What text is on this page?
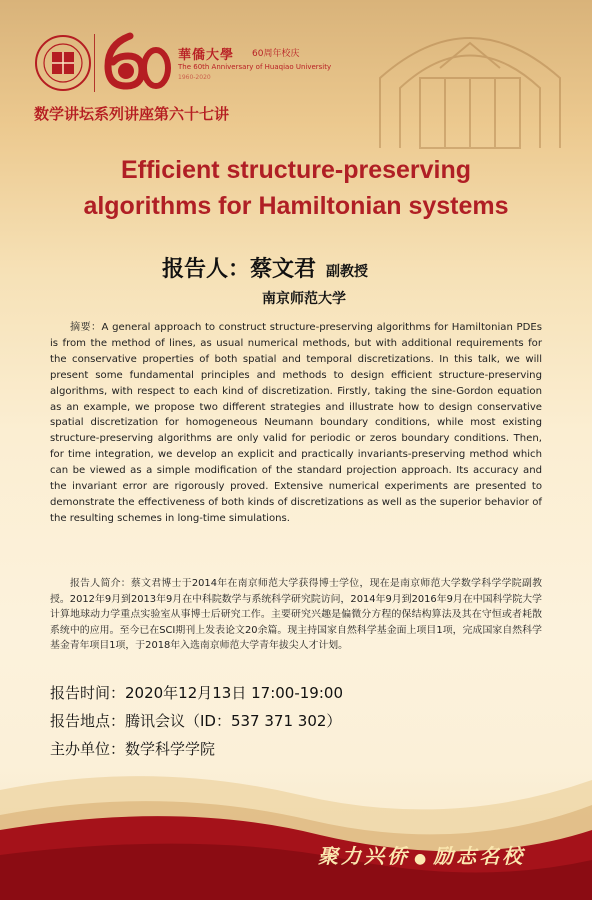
華僑大學 60周年校庆
The 60th Anniversary of Huaqiao University
1960-2020
数学讲坛系列讲座第六十七讲
Efficient structure-preserving
algorithms for Hamiltonian systems
报告人：蔡文君 副教授
南京师范大学
摘要：A general approach to construct structure-preserving algorithms for Hamiltonian PDEs is from the method of lines, as usual numerical methods, but with additional requirements for the conservative properties of both spatial and temporal discretizations. In this talk, we will present some fundamental principles and methods to design efficient structure-preserving algorithms, with respect to each kind of discretization. Firstly, taking the sine-Gordon equation as an example, we propose two different strategies and illustrate how to design conservative spatial discretization for homogeneous Neumann boundary conditions, while most existing structure-preserving algorithms are only valid for periodic or zeros boundary conditions. Then, for time integration, we develop an explicit and practically invariants-preserving method which can be viewed as a simple modification of the standard projection approach. Its accuracy and the invariant error are rigorously proved. Extensive numerical experiments are presented to demonstrate the effectiveness of both kinds of discretizations as well as the superior behavior of the resulting schemes in long-time simulations.
报告人简介：蔡文君博士于2014年在南京师范大学获得博士学位，现在是南京师范大学数学科学学院副教授。2012年9月到2013年9月在中科院数学与系统科学研究院访问，2014年9月到2016年9月在中国科学院大学计算地球动力学重点实验室从事博士后研究工作。主要研究兴趣是偏微分方程的保结构算法及其在守恒或者耗散系统中的应用。至今已在SCI期刊上发表论文20余篇。现主持国家自然科学基金面上项目1项，完成国家自然科学基金青年项目1项，于2018年入选南京师范大学青年拔尖人才计划。
报告时间：2020年12月13日 17:00-19:00
报告地点：腾讯会议（ID：537 371 302）
主办单位：数学科学学院
聚力兴侨 ● 励志名校
